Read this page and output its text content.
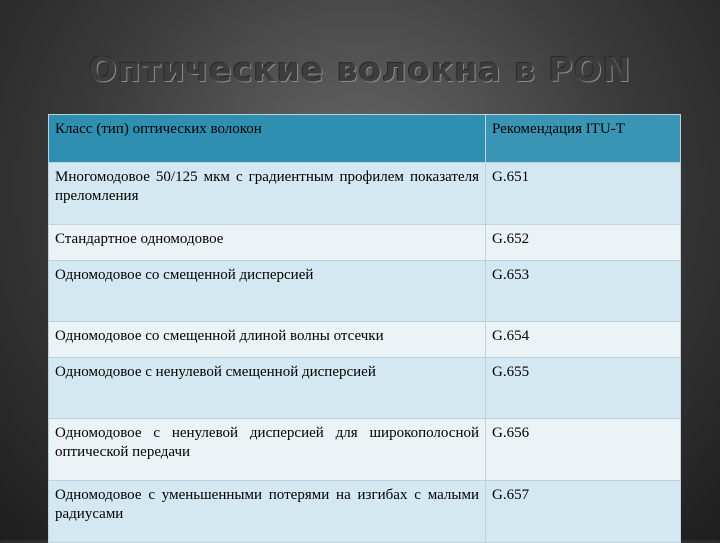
Оптические волокна в PON
Класс (тип) оптических волокон	Рекомендация ITU-T
Многомодовое 50/125 мкм с градиентным профилем показателя преломления	G.651
Стандартное одномодовое	G.652
Одномодовое со смещенной дисперсией	G.653
Одномодовое со смещенной длиной волны отсечки	G.654
Одномодовое с ненулевой смещенной дисперсией	G.655
Одномодовое с ненулевой дисперсией для широкополосной оптической передачи	G.656
Одномодовое с уменьшенными потерями на изгибах с малыми радиусами	G.657
